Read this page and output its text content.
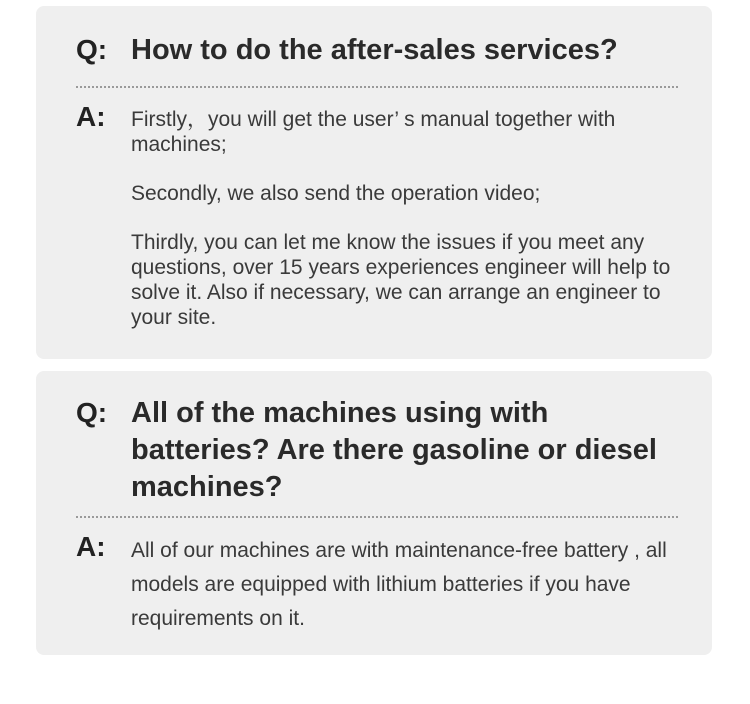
Q: How to do the after-sales services?
A: Firstly，you will get the user’ s manual together with machines;

Secondly, we also send the operation video;

Thirdly, you can let me know the issues if you meet any questions, over 15 years experiences engineer will help to solve it. Also if necessary, we can arrange an engineer to your site.

Q: All of the machines using with batteries? Are there gasoline or diesel machines?
A: All of our machines are with maintenance-free battery , all models are equipped with lithium batteries if you have requirements on it.
